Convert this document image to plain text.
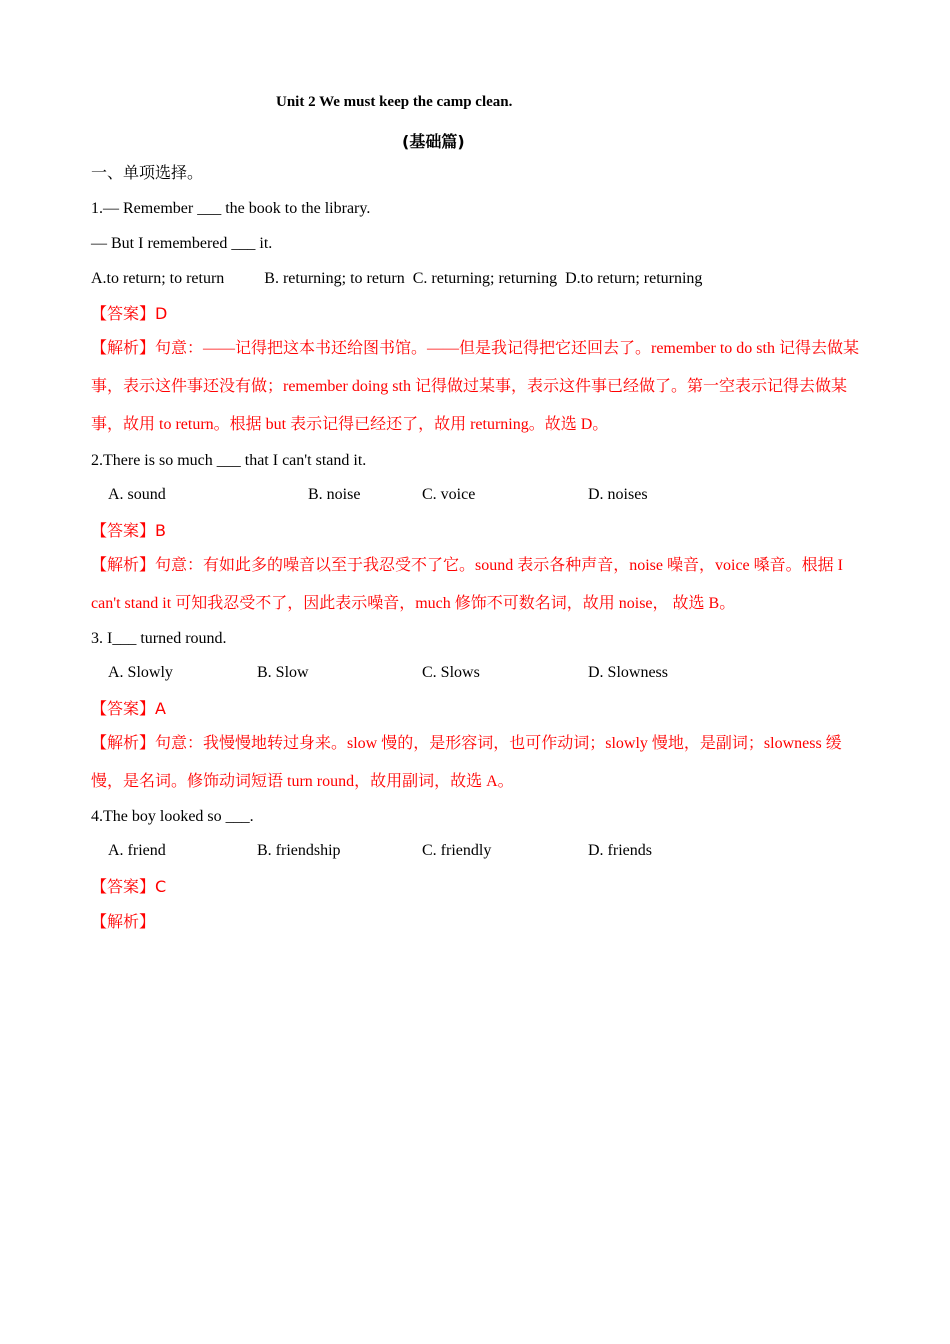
Unit 2 We must keep the camp clean.
(基础篇)
一、单项选择。
1.— Remember ___ the book to the library.
— But I remembered ___ it.
A.to return; to return          B. returning; to return  C. returning; returning  D.to return; returning
【答案】D
【解析】句意：——记得把这本书还给图书馆。——但是我记得把它还回去了。remember to do sth 记得去做某事，表示这件事还没有做；remember doing sth 记得做过某事，表示这件事已经做了。第一空表示记得去做某事，故用 to return。根据 but 表示记得已经还了，故用 returning。故选 D。
2.There is so much ___ that I can't stand it.
A. sound	B. noise	C. voice	D. noises
【答案】B
【解析】句意：有如此多的噪音以至于我忍受不了它。sound 表示各种声音，noise 噪音，voice 嗓音。根据 I can't stand it 可知我忍受不了，因此表示噪音，much 修饰不可数名词，故用 noise， 故选 B。
3. I___ turned round.
A. Slowly	B. Slow	C. Slows	D. Slowness
【答案】A
【解析】句意：我慢慢地转过身来。slow 慢的，是形容词，也可作动词；slowly 慢地，是副词；slowness 缓慢，是名词。修饰动词短语 turn round，故用副词，故选 A。
4.The boy looked so ___.
A. friend	B. friendship	C. friendly	D. friends
【答案】C
【解析】
